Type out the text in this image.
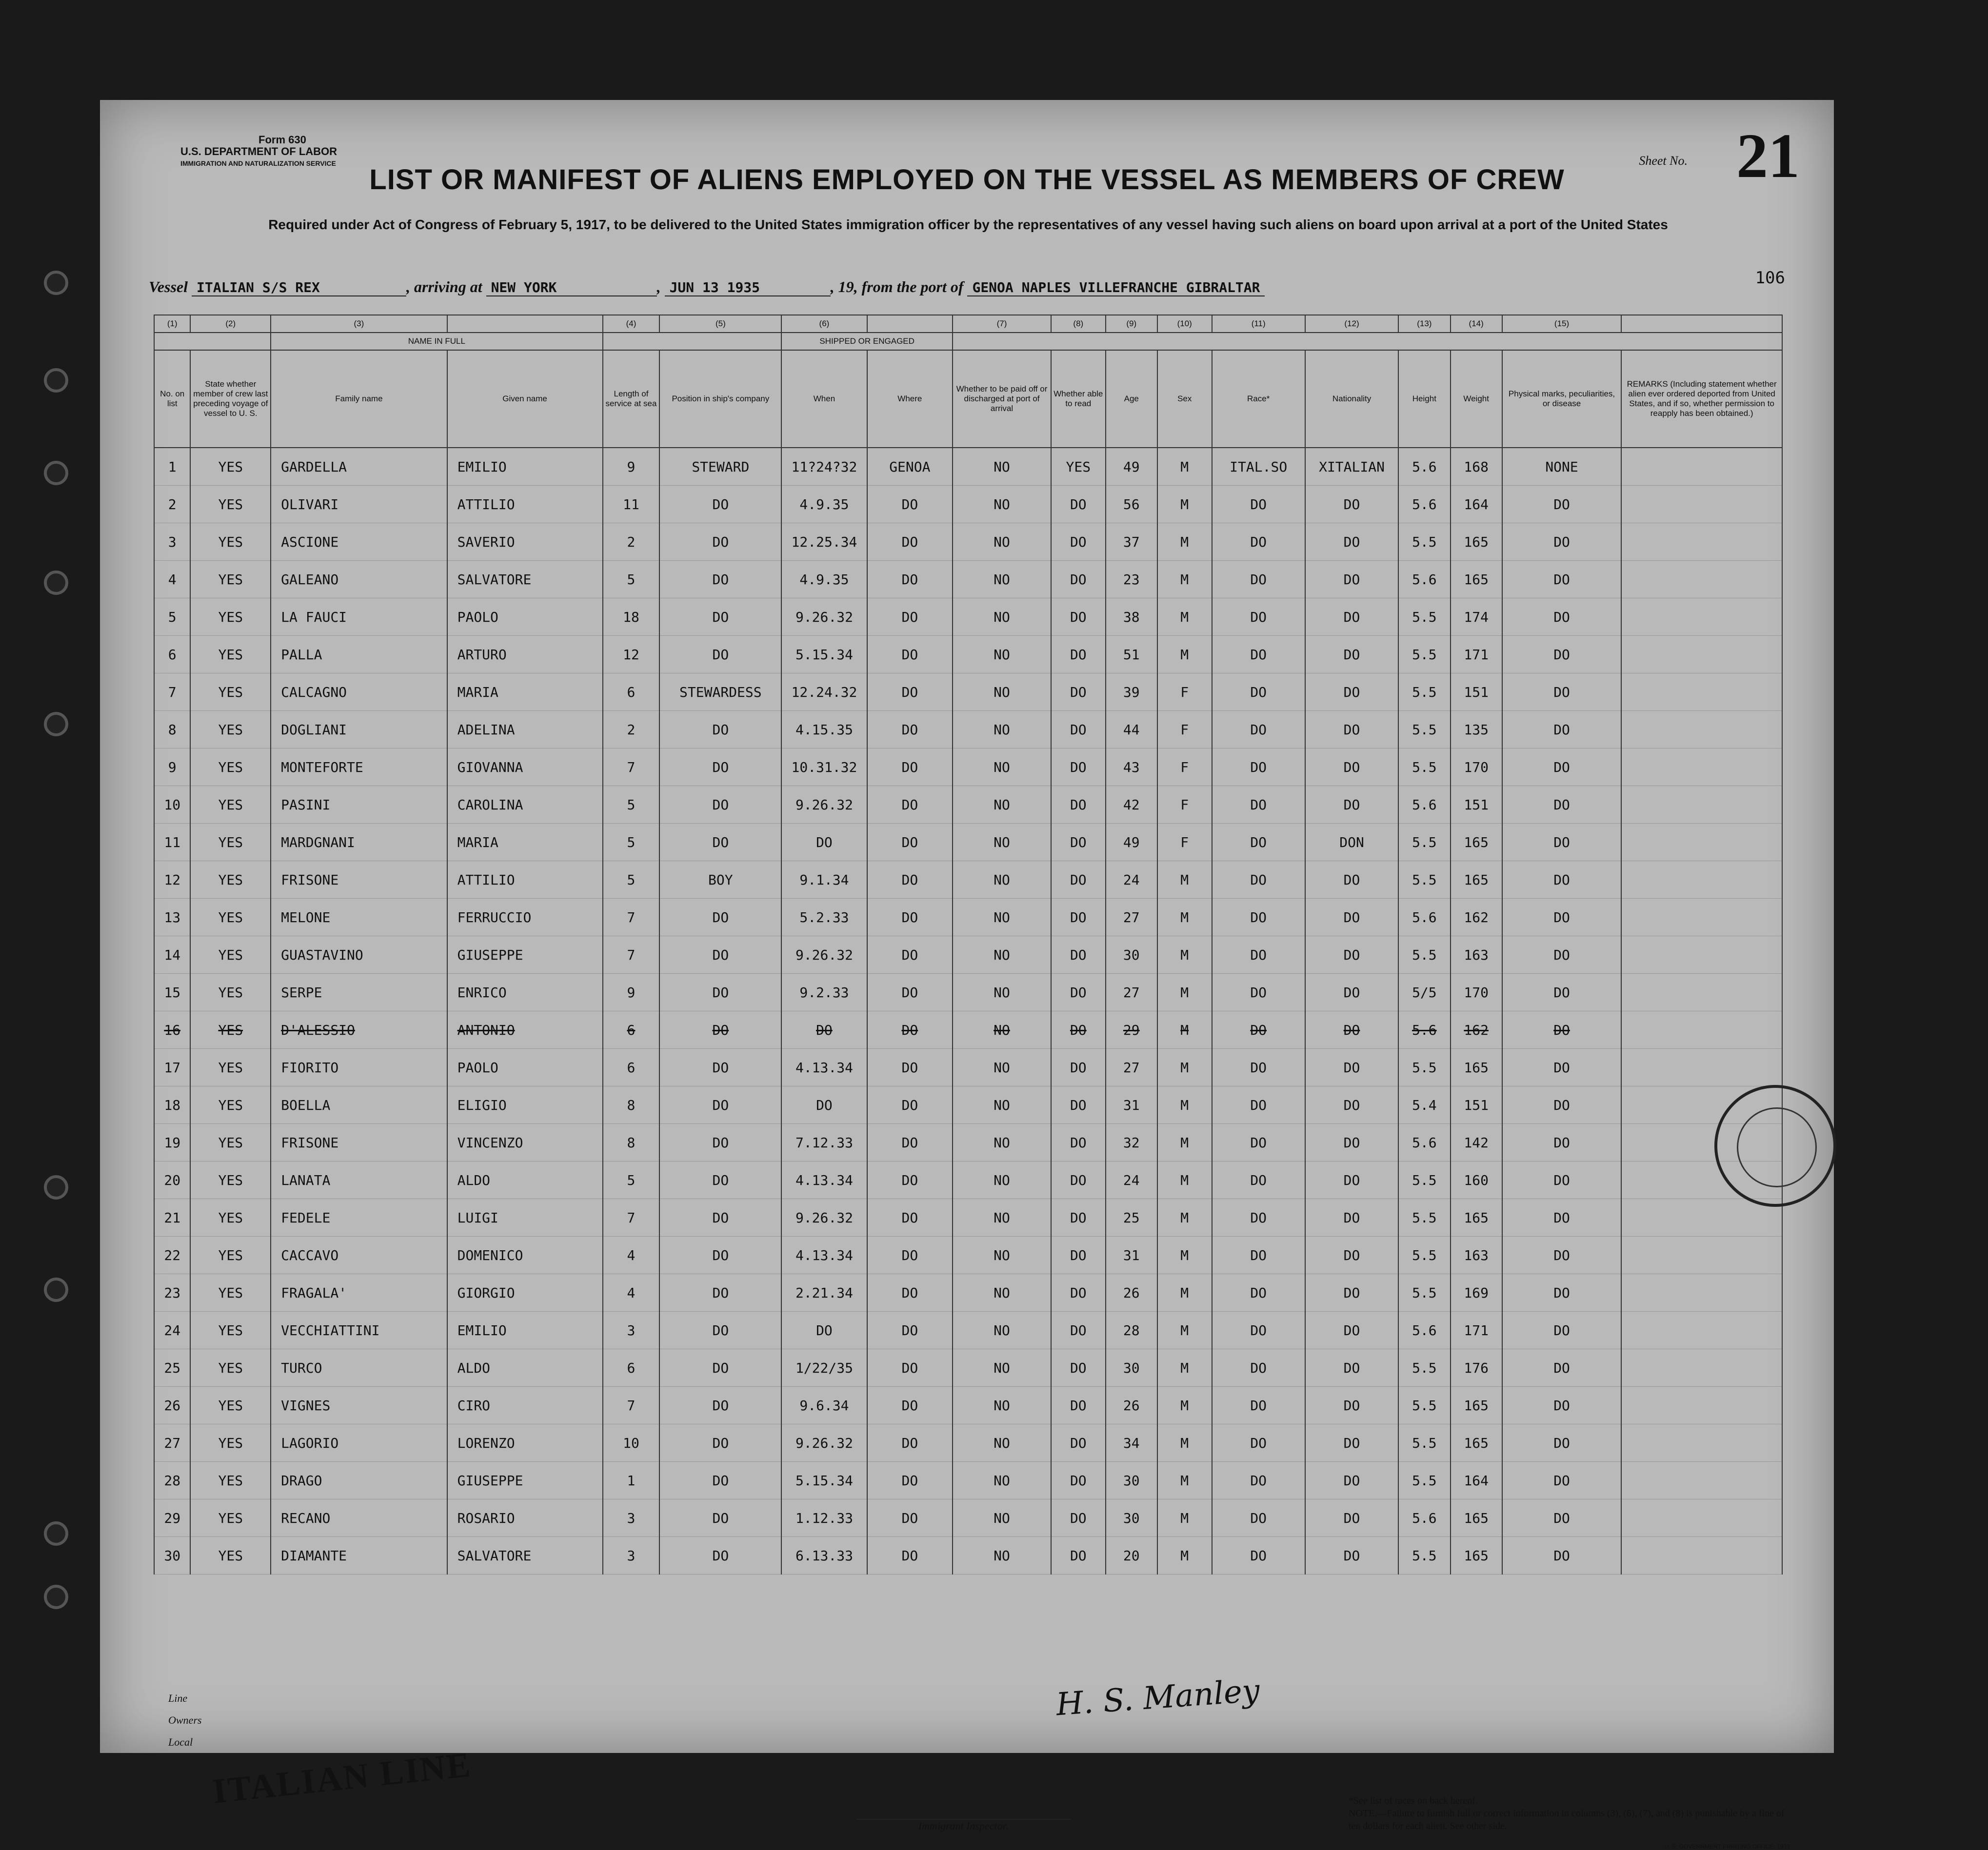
Form 630
U.S. DEPARTMENT OF LABOR
IMMIGRATION AND NATURALIZATION SERVICE	Sheet No. 21
LIST OR MANIFEST OF ALIENS EMPLOYED ON THE VESSEL AS MEMBERS OF CREW
Required under Act of Congress of February 5, 1917, to be delivered to the United States immigration officer by the representatives of any vessel having such aliens on board upon arrival at a port of the United States
106
Vessel ITALIAN S/S REX	, arriving at NEW YORK	, JUN 13 1935	, 19, from the port of GENOA NAPLES VILLEFRANCHE GIBRALTAR
(1)	(2)	(3)		(4)	(5)	(6)		(7)	(8)	(9)	(10)	(11)	(12)	(13)	(14)	(15)	
		NAME IN FULL				SHIPPED OR ENGAGED											
No. on list	State whether member of crew last preceding voyage of vessel to U. S.	Family name	Given name	Length of service at sea	Position in ship's company	When	Where	Whether to be paid off or discharged at port of arrival	Whether able to read	Age	Sex	Race*	Nationality	Height	Weight	Physical marks, peculiarities, or disease	REMARKS (Including statement whether alien ever ordered deported from United States, and if so, whether permission to reapply has been obtained.)
1	YES	GARDELLA	EMILIO	9	STEWARD	11?24?32	GENOA	NO	YES	49	M	ITAL.SO	XITALIAN	5.6	168	NONE	
2	YES	OLIVARI	ATTILIO	11	DO	4.9.35	DO	NO	DO	56	M	DO	DO	5.6	164	DO	
3	YES	ASCIONE	SAVERIO	2	DO	12.25.34	DO	NO	DO	37	M	DO	DO	5.5	165	DO	
4	YES	GALEANO	SALVATORE	5	DO	4.9.35	DO	NO	DO	23	M	DO	DO	5.6	165	DO	
5	YES	LA FAUCI	PAOLO	18	DO	9.26.32	DO	NO	DO	38	M	DO	DO	5.5	174	DO	
6	YES	PALLA	ARTURO	12	DO	5.15.34	DO	NO	DO	51	M	DO	DO	5.5	171	DO	
7	YES	CALCAGNO	MARIA	6	STEWARDESS	12.24.32	DO	NO	DO	39	F	DO	DO	5.5	151	DO	
8	YES	DOGLIANI	ADELINA	2	DO	4.15.35	DO	NO	DO	44	F	DO	DO	5.5	135	DO	
9	YES	MONTEFORTE	GIOVANNA	7	DO	10.31.32	DO	NO	DO	43	F	DO	DO	5.5	170	DO	
10	YES	PASINI	CAROLINA	5	DO	9.26.32	DO	NO	DO	42	F	DO	DO	5.6	151	DO	
11	YES	MARDGNANI	MARIA	5	DO	DO	DO	NO	DO	49	F	DO	DON	5.5	165	DO	
12	YES	FRISONE	ATTILIO	5	BOY	9.1.34	DO	NO	DO	24	M	DO	DO	5.5	165	DO	
13	YES	MELONE	FERRUCCIO	7	DO	5.2.33	DO	NO	DO	27	M	DO	DO	5.6	162	DO	
14	YES	GUASTAVINO	GIUSEPPE	7	DO	9.26.32	DO	NO	DO	30	M	DO	DO	5.5	163	DO	
15	YES	SERPE	ENRICO	9	DO	9.2.33	DO	NO	DO	27	M	DO	DO	5/5	170	DO	
16	YES	D'ALESSIO	ANTONIO	6	DO	DO	DO	NO	DO	29	M	DO	DO	5.6	162	DO	
17	YES	FIORITO	PAOLO	6	DO	4.13.34	DO	NO	DO	27	M	DO	DO	5.5	165	DO	
18	YES	BOELLA	ELIGIO	8	DO	DO	DO	NO	DO	31	M	DO	DO	5.4	151	DO	
19	YES	FRISONE	VINCENZO	8	DO	7.12.33	DO	NO	DO	32	M	DO	DO	5.6	142	DO	
20	YES	LANATA	ALDO	5	DO	4.13.34	DO	NO	DO	24	M	DO	DO	5.5	160	DO	
21	YES	FEDELE	LUIGI	7	DO	9.26.32	DO	NO	DO	25	M	DO	DO	5.5	165	DO	
22	YES	CACCAVO	DOMENICO	4	DO	4.13.34	DO	NO	DO	31	M	DO	DO	5.5	163	DO	
23	YES	FRAGALA'	GIORGIO	4	DO	2.21.34	DO	NO	DO	26	M	DO	DO	5.5	169	DO	
24	YES	VECCHIATTINI	EMILIO	3	DO	DO	DO	NO	DO	28	M	DO	DO	5.6	171	DO	
25	YES	TURCO	ALDO	6	DO	1/22/35	DO	NO	DO	30	M	DO	DO	5.5	176	DO	
26	YES	VIGNES	CIRO	7	DO	9.6.34	DO	NO	DO	26	M	DO	DO	5.5	165	DO	
27	YES	LAGORIO	LORENZO	10	DO	9.26.32	DO	NO	DO	34	M	DO	DO	5.5	165	DO	
28	YES	DRAGO	GIUSEPPE	1	DO	5.15.34	DO	NO	DO	30	M	DO	DO	5.5	164	DO	
29	YES	RECANO	ROSARIO	3	DO	1.12.33	DO	NO	DO	30	M	DO	DO	5.6	165	DO	
30	YES	DIAMANTE	SALVATORE	3	DO	6.13.33	DO	NO	DO	20	M	DO	DO	5.5	165	DO	
H. S. Manley
Line
Owners
Local
ITALIAN LINE
Immigrant Inspector.
*See list of races on back hereof.
NOTE.—Failure to furnish full or correct information in columns (3), (6), (7), and (8) is punishable by a fine of ten dollars for each alien. See other side.
U. S. GOVERNMENT PRINTING OFFICE: 1933
